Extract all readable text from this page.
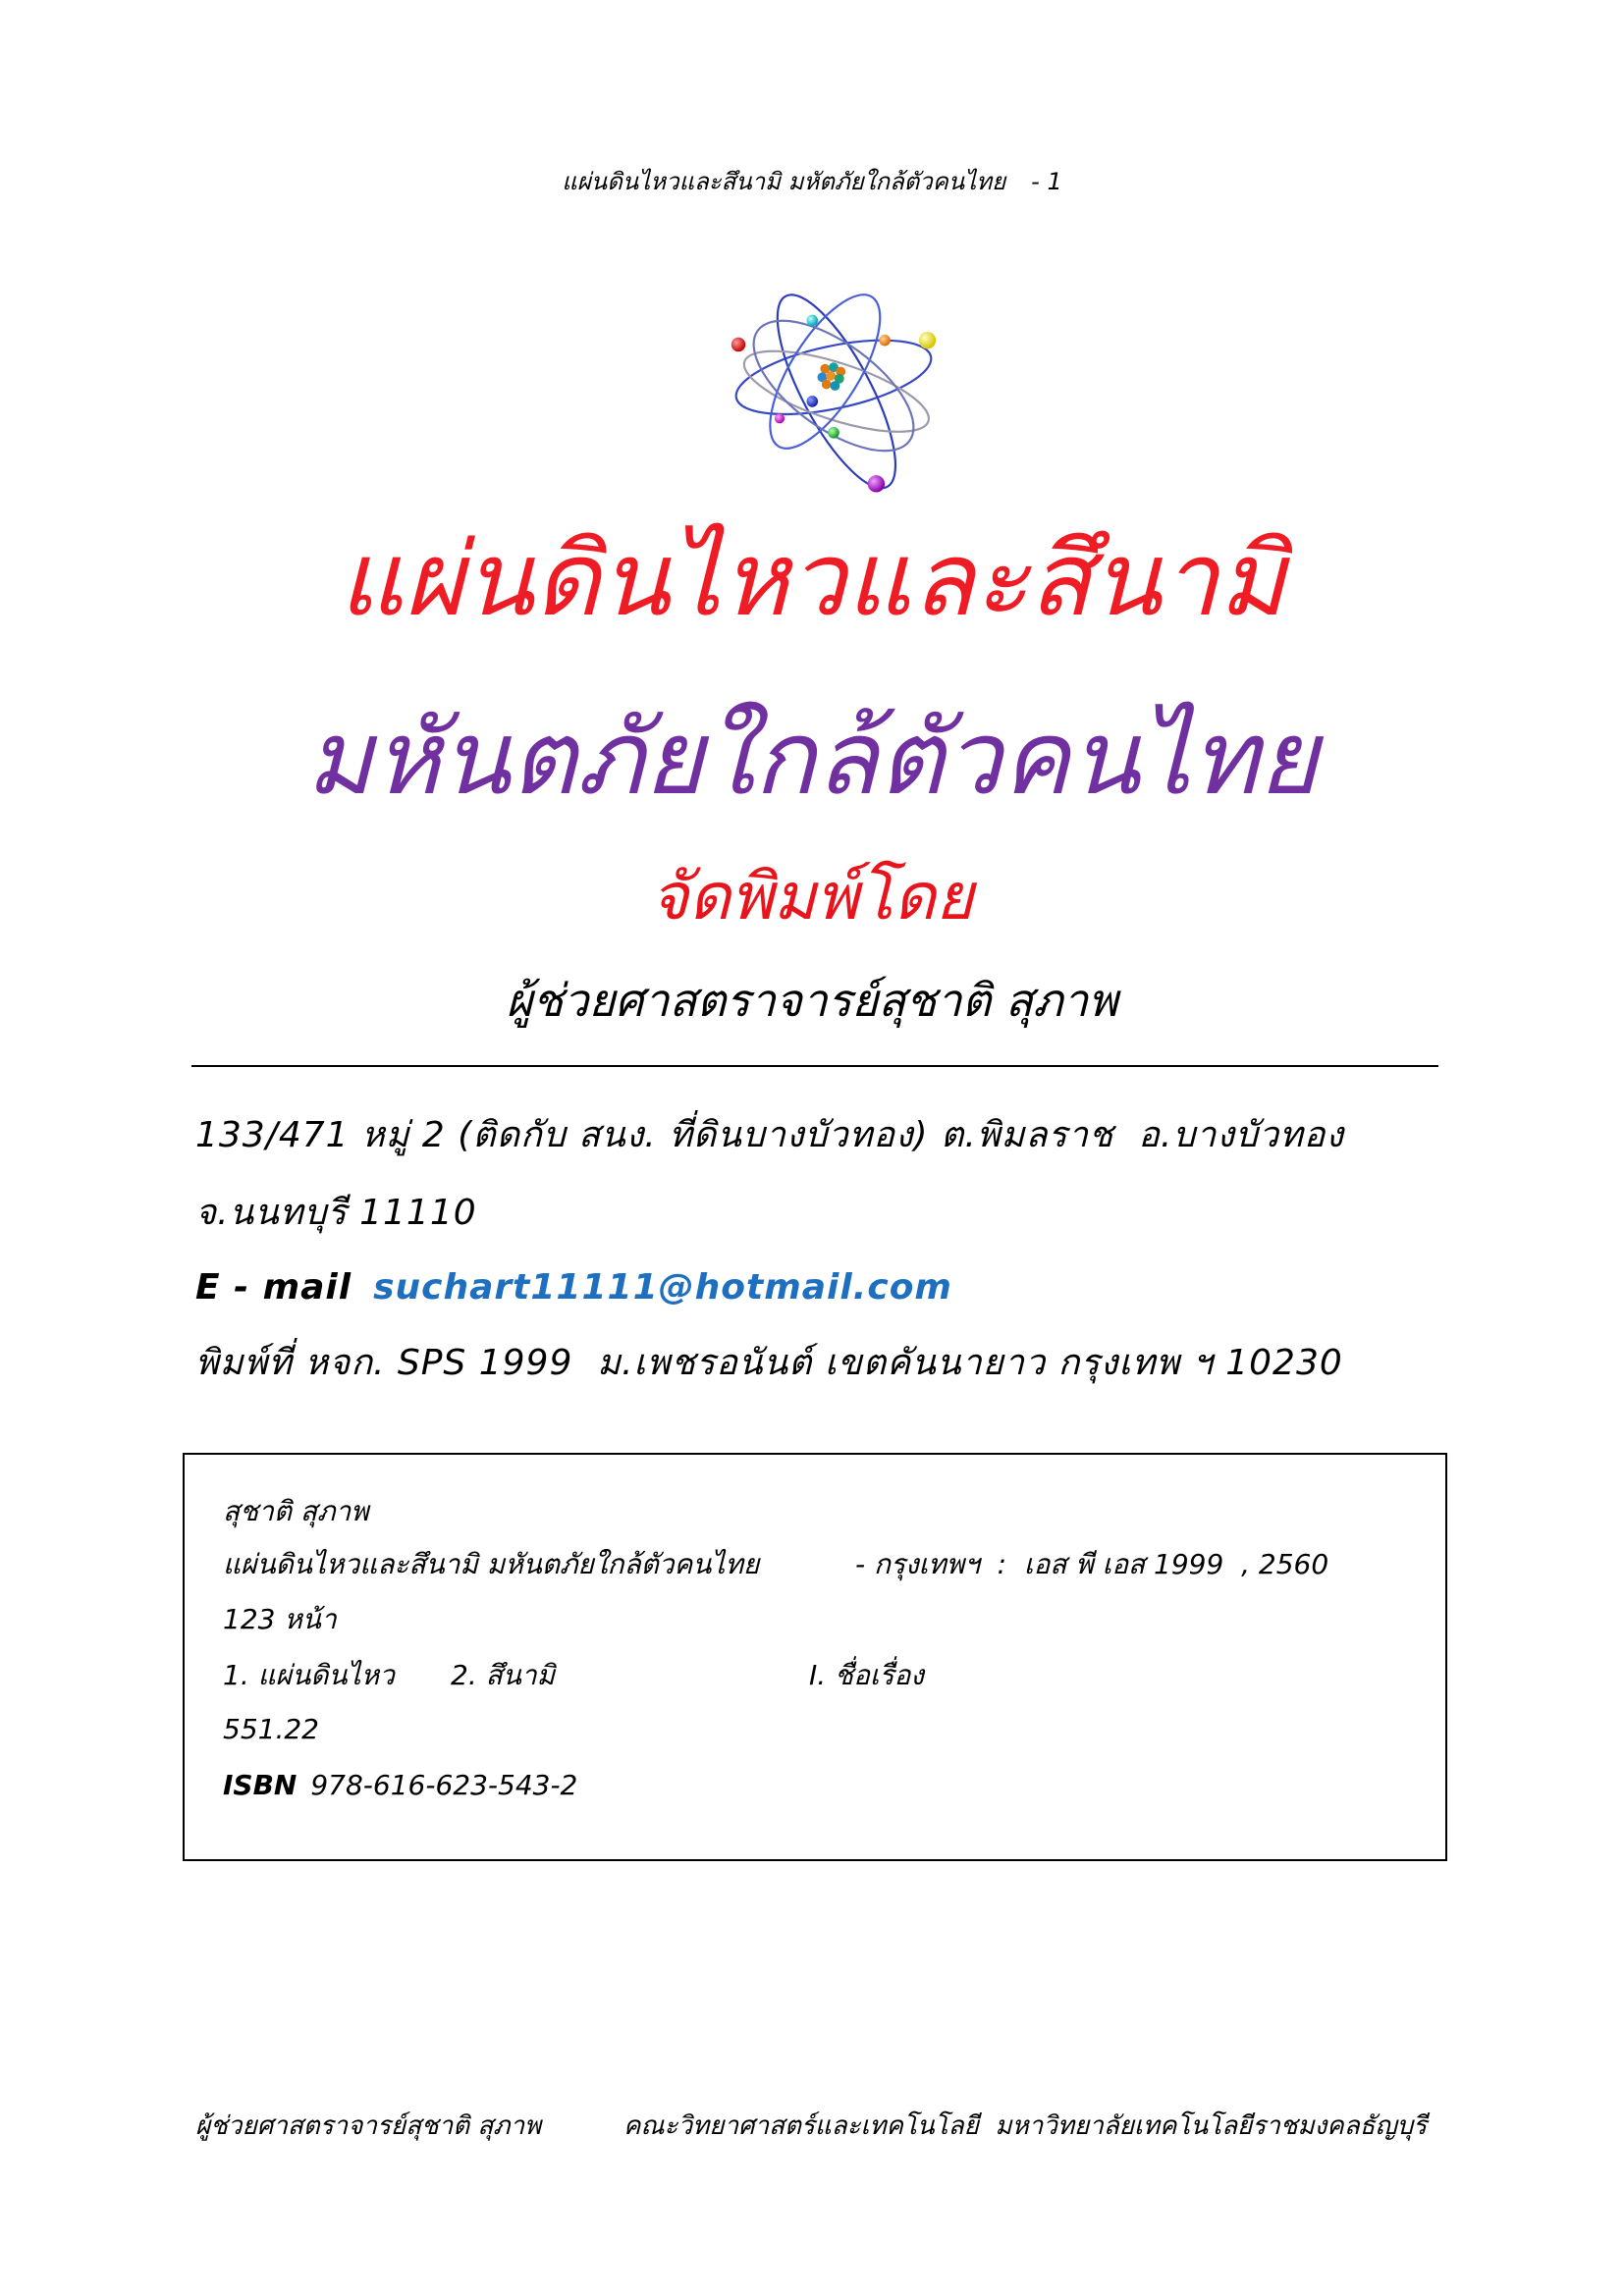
แผ่นดินไหวและสึนามิ มหัตภัยใกล้ตัวคนไทย - 1

แผ่นดินไหวและสึนามิ
มหันตภัยใกล้ตัวคนไทย
จัดพิมพ์โดย
ผู้ช่วยศาสตราจารย์สุชาติ สุภาพ
133/471 หมู่ 2 (ติดกับ สนง. ที่ดินบางบัวทอง) ต.พิมลราช  อ.บางบัวทอง
จ.นนทบุรี 11110
E - mail suchart11111@hotmail.com
พิมพ์ที่ หจก. SPS 1999  ม.เพชรอนันต์ เขตคันนายาว กรุงเทพ ฯ 10230

สุชาติ สุภาพ

แผ่นดินไหวและสึนามิ มหันตภัยใกล้ตัวคนไทย

	- กรุงเทพฯ  :  เอส พี เอส 1999  , 2560

123 หน้า

1. แผ่นดินไหว

2. สึนามิ

	I. ชื่อเรื่อง

551.22

ISBN 978-616-623-543-2

ผู้ช่วยศาสตราจารย์สุชาติ สุภาพ	คณะวิทยาศาสตร์และเทคโนโลยี  มหาวิทยาลัยเทคโนโลยีราชมงคลธัญบุรี
